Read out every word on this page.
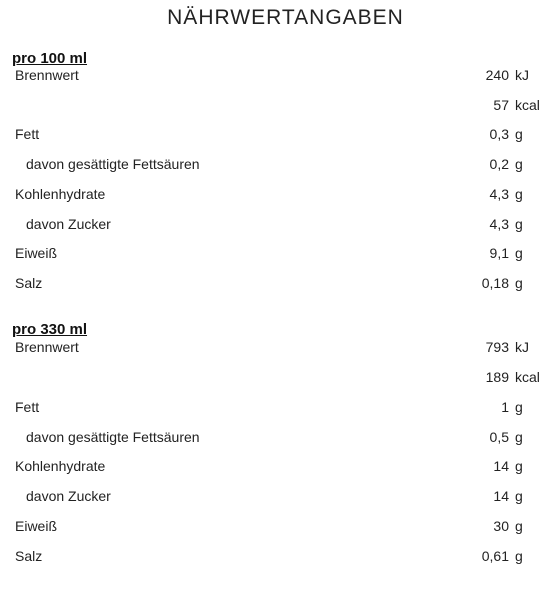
NÄHRWERTANGABEN
pro 100 ml
Brennwert	240 kJ
57 kcal
Fett	0,3 g
davon gesättigte Fettsäuren	0,2 g
Kohlenhydrate	4,3 g
davon Zucker	4,3 g
Eiweiß	9,1 g
Salz	0,18 g
pro 330 ml
Brennwert	793 kJ
189 kcal
Fett	1 g
davon gesättigte Fettsäuren	0,5 g
Kohlenhydrate	14 g
davon Zucker	14 g
Eiweiß	30 g
Salz	0,61 g
